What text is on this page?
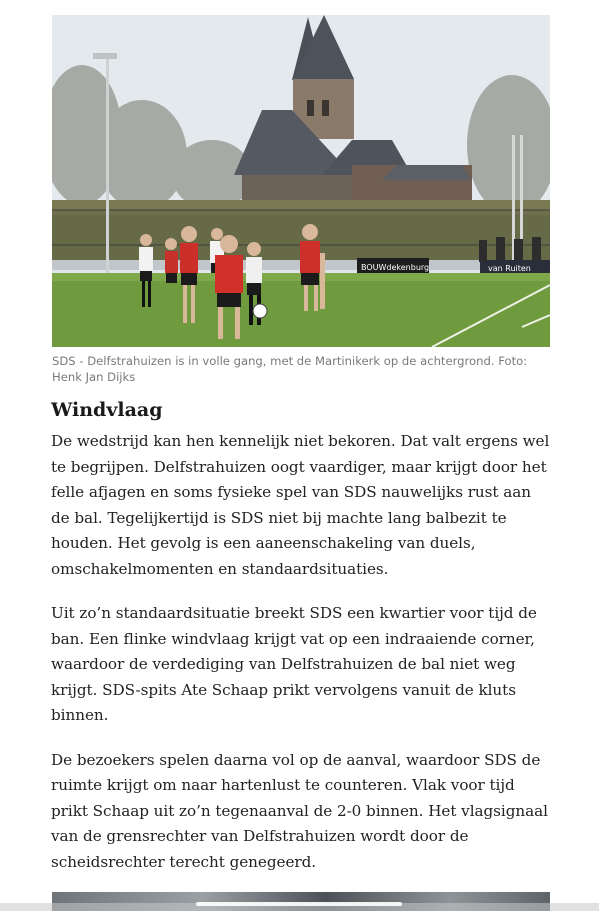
BOUWdekenburg	van Ruiten
SDS - Delfstrahuizen is in volle gang, met de Martinikerk op de achtergrond. Foto: Henk Jan Dijks
Windvlaag

De wedstrijd kan hen kennelijk niet bekoren. Dat valt ergens wel te begrijpen. Delfstrahuizen oogt vaardiger, maar krijgt door het felle afjagen en soms fysieke spel van SDS nauwelijks rust aan de bal. Tegelijkertijd is SDS niet bij machte lang balbezit te houden. Het gevolg is een aaneenschakeling van duels, omschakelmomenten en standaardsituaties.

Uit zo’n standaardsituatie breekt SDS een kwartier voor tijd de ban. Een flinke windvlaag krijgt vat op een indraaiende corner, waardoor de verdediging van Delfstrahuizen de bal niet weg krijgt. SDS-spits Ate Schaap prikt vervolgens vanuit de kluts binnen.

De bezoekers spelen daarna vol op de aanval, waardoor SDS de ruimte krijgt om naar hartenlust te counteren. Vlak voor tijd prikt Schaap uit zo’n tegenaanval de 2-0 binnen. Het vlagsignaal van de grensrechter van Delfstrahuizen wordt door de scheidsrechter terecht genegeerd.
